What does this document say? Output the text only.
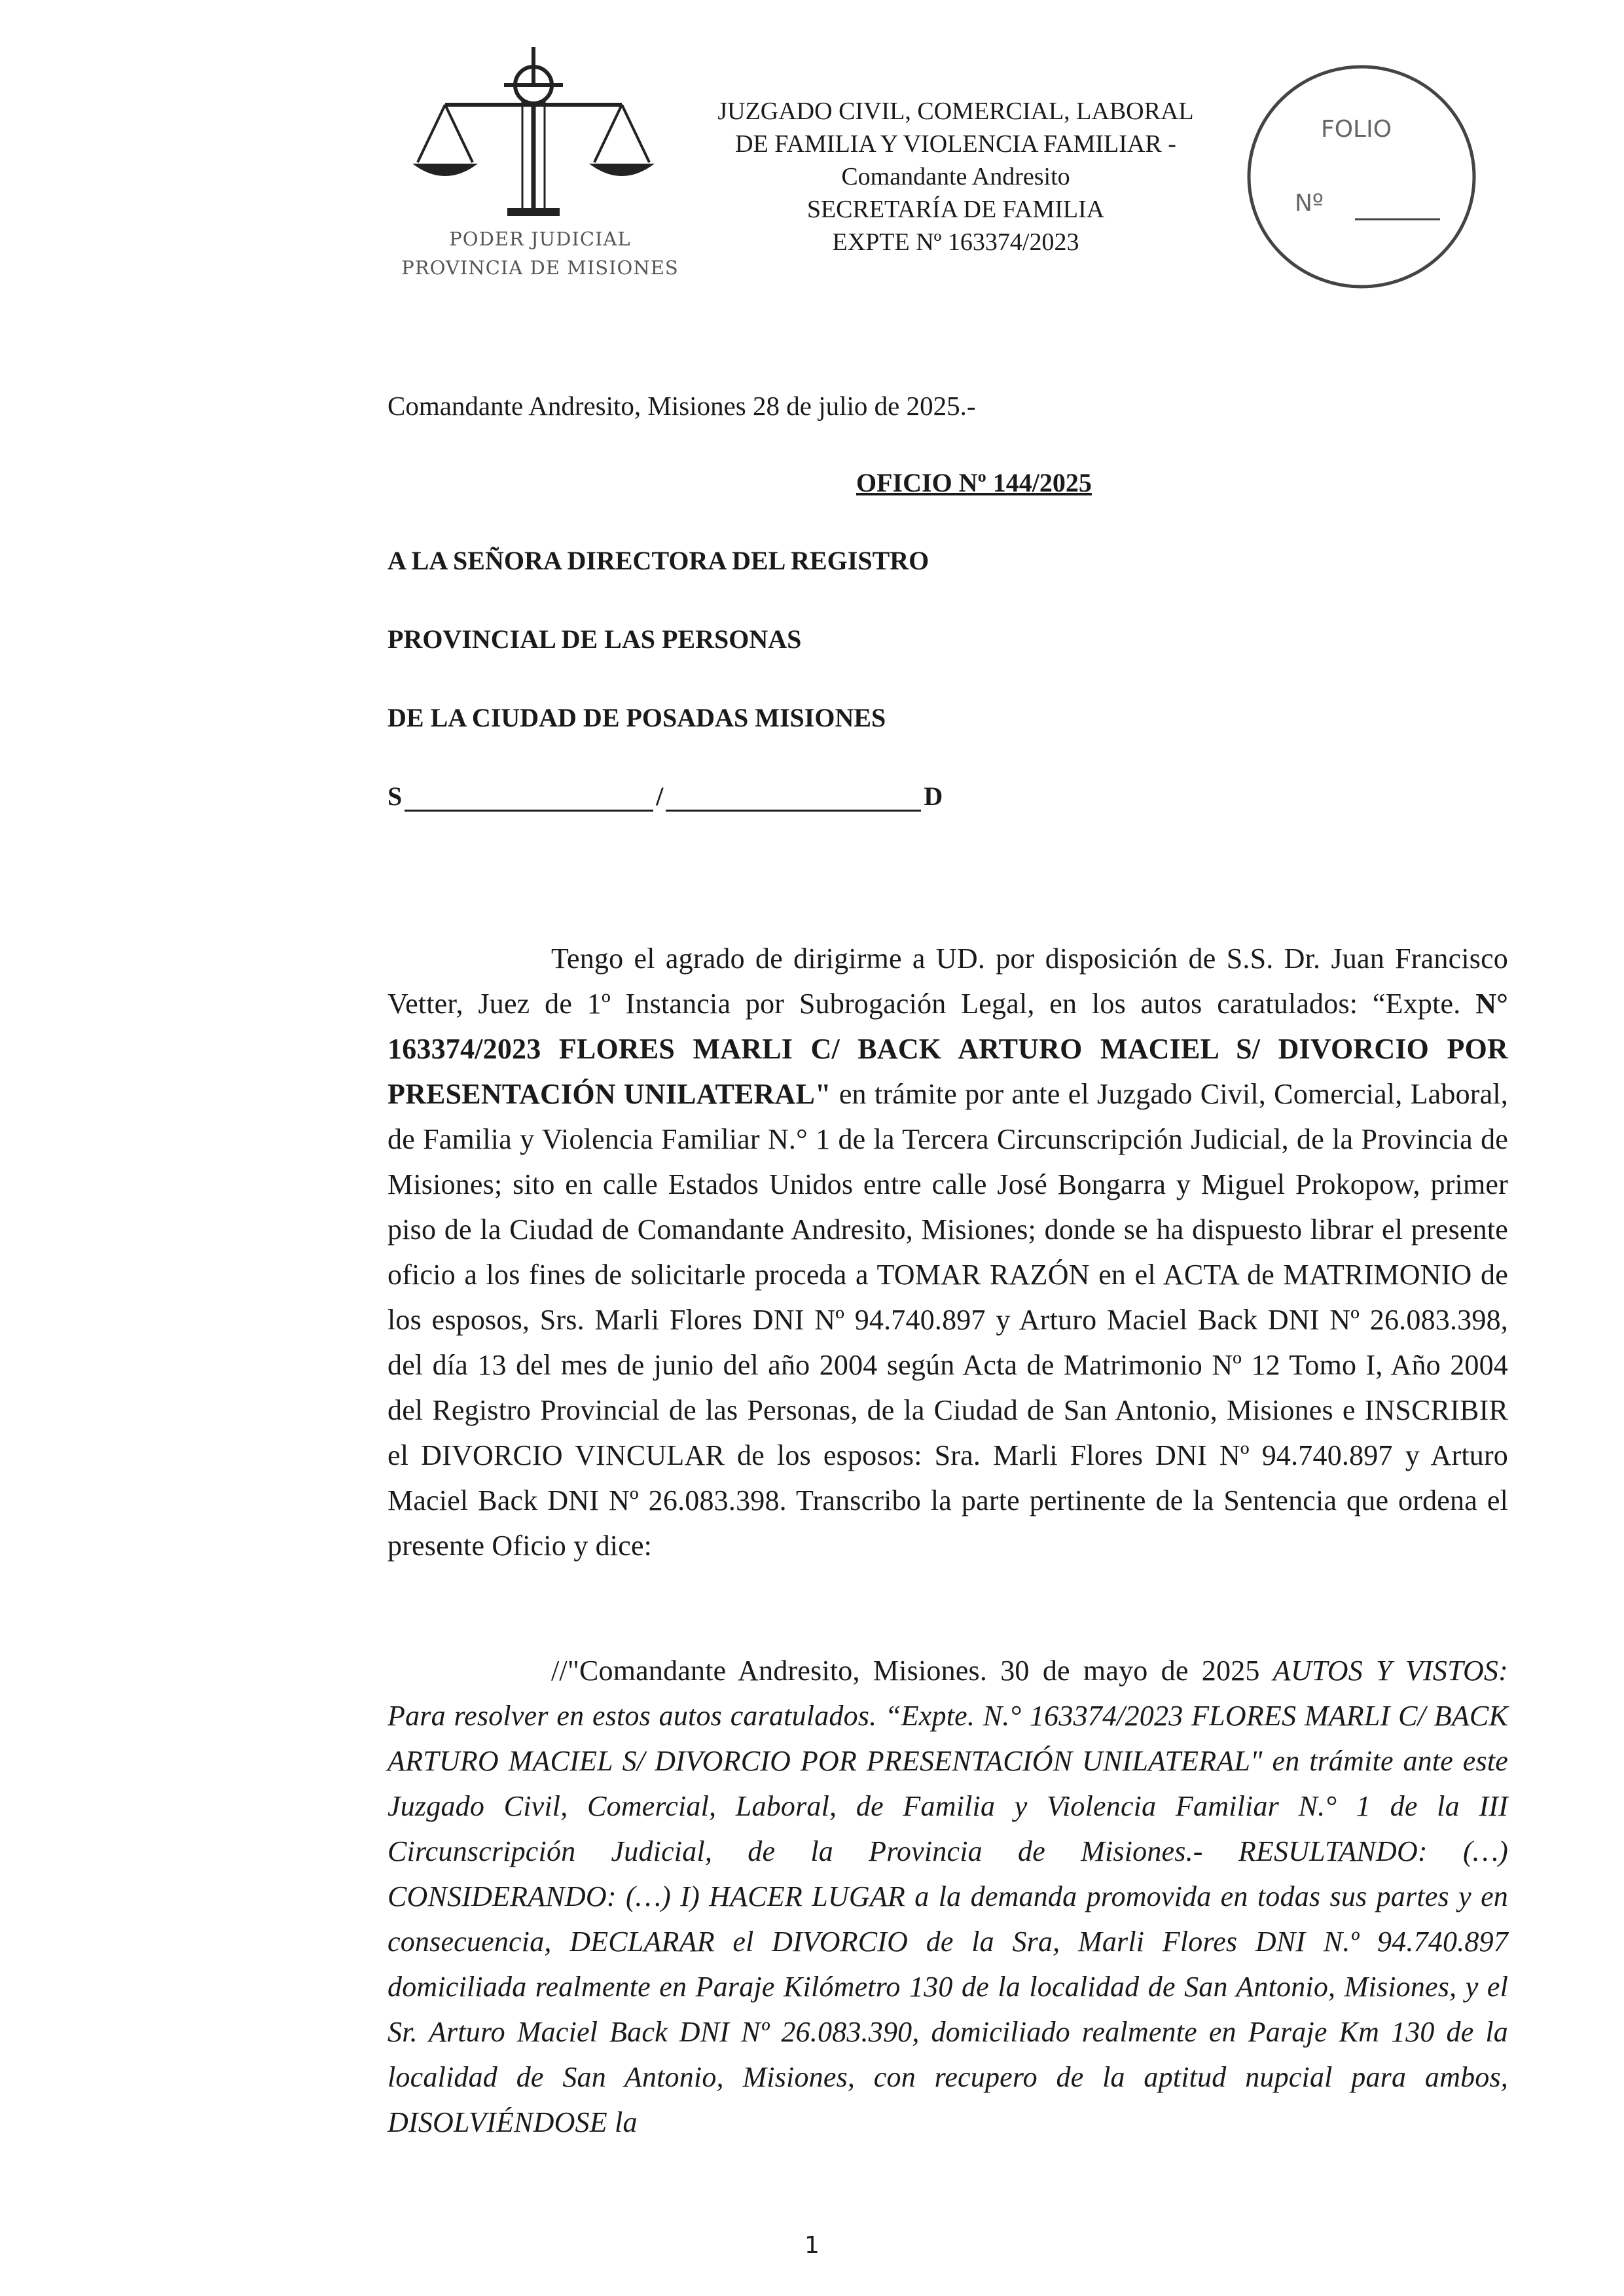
PODER JUDICIAL
PROVINCIA DE MISIONES
JUZGADO CIVIL, COMERCIAL, LABORAL
DE FAMILIA Y VIOLENCIA FAMILIAR -
Comandante Andresito
SECRETARÍA DE FAMILIA
EXPTE Nº 163374/2023
FOLIO
Nº
Comandante Andresito, Misiones 28 de julio de 2025.-
OFICIO Nº 144/2025
A LA SEÑORA DIRECTORA DEL REGISTRO
PROVINCIAL DE LAS PERSONAS
DE LA CIUDAD DE POSADAS MISIONES
S	/	D
Tengo el agrado de dirigirme a UD. por disposición de S.S. Dr. Juan Francisco Vetter, Juez de 1º Instancia por Subrogación Legal, en los autos caratulados: “Expte. N° 163374/2023 FLORES MARLI C/ BACK ARTURO MACIEL S/ DIVORCIO POR PRESENTACIÓN UNILATERAL" en trámite por ante el Juzgado Civil, Comercial, Laboral, de Familia y Violencia Familiar N.° 1 de la Tercera Circunscripción Judicial, de la Provincia de Misiones; sito en calle Estados Unidos entre calle José Bongarra y Miguel Prokopow, primer piso de la Ciudad de Comandante Andresito, Misiones; donde se ha dispuesto librar el presente oficio a los fines de solicitarle proceda a TOMAR RAZÓN en el ACTA de MATRIMONIO de los esposos, Srs. Marli Flores DNI Nº 94.740.897 y Arturo Maciel Back DNI Nº 26.083.398, del día 13 del mes de junio del año 2004 según Acta de Matrimonio Nº 12 Tomo I, Año 2004 del Registro Provincial de las Personas, de la Ciudad de San Antonio, Misiones e INSCRIBIR el DIVORCIO VINCULAR de los esposos: Sra. Marli Flores DNI Nº 94.740.897 y Arturo Maciel Back DNI Nº 26.083.398. Transcribo la parte pertinente de la Sentencia que ordena el presente Oficio y dice:
//"Comandante Andresito, Misiones. 30 de mayo de 2025 AUTOS Y VISTOS: Para resolver en estos autos caratulados. “Expte. N.° 163374/2023 FLORES MARLI C/ BACK ARTURO MACIEL S/ DIVORCIO POR PRESENTACIÓN UNILATERAL" en trámite ante este Juzgado Civil, Comercial, Laboral, de Familia y Violencia Familiar N.° 1 de la III Circunscripción Judicial, de la Provincia de Misiones.- RESULTANDO: (…) CONSIDERANDO: (…) I) HACER LUGAR a la demanda promovida en todas sus partes y en consecuencia, DECLARAR el DIVORCIO de la Sra, Marli Flores DNI N.º 94.740.897 domiciliada realmente en Paraje Kilómetro 130 de la localidad de San Antonio, Misiones, y el Sr. Arturo Maciel Back DNI Nº 26.083.390, domiciliado realmente en Paraje Km 130 de la localidad de San Antonio, Misiones, con recupero de la aptitud nupcial para ambos, DISOLVIÉNDOSE la
1
